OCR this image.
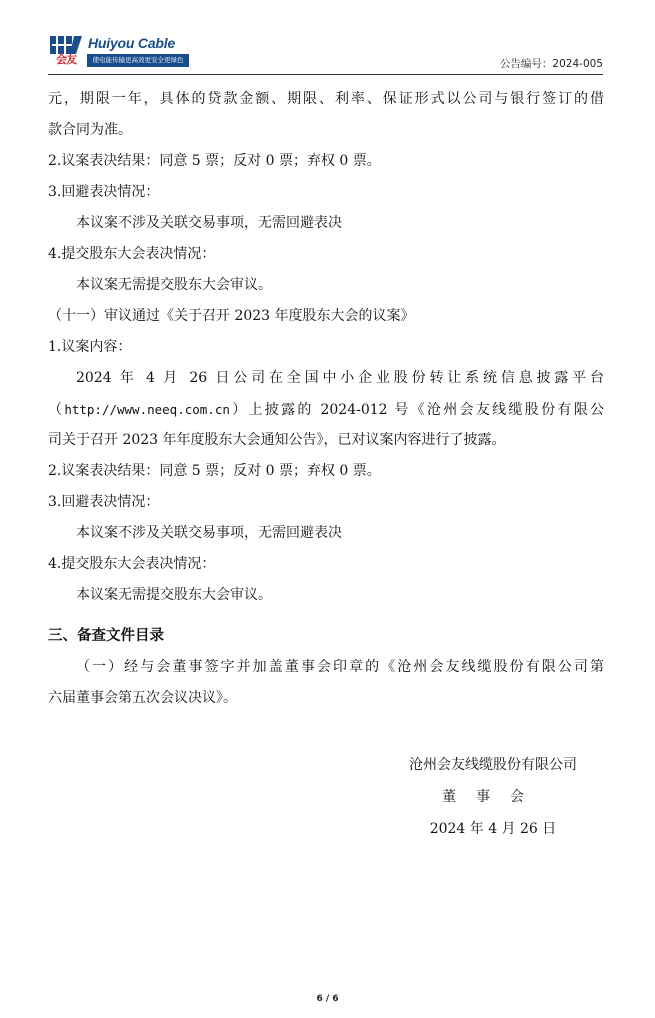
会友
Huiyou Cable
使电能传输更高效更安全更绿色	公告编号：2024-005
元，期限一年，具体的贷款金额、期限、利率、保证形式以公司与银行签订的借
款合同为准。
2.议案表决结果：同意 5 票；反对 0 票；弃权 0 票。
3.回避表决情况：
本议案不涉及关联交易事项，无需回避表决
4.提交股东大会表决情况：
本议案无需提交股东大会审议。
（十一）审议通过《关于召开 2023 年度股东大会的议案》
1.议案内容：
2024 年 4 月 26 日公司在全国中小企业股份转让系统信息披露平台
（http://www.neeq.com.cn）上披露的 2024-012 号《沧州会友线缆股份有限公
司关于召开 2023 年年度股东大会通知公告》，已对议案内容进行了披露。
2.议案表决结果：同意 5 票；反对 0 票；弃权 0 票。
3.回避表决情况：
本议案不涉及关联交易事项，无需回避表决
4.提交股东大会表决情况：
本议案无需提交股东大会审议。
三、备查文件目录
（一）经与会董事签字并加盖董事会印章的《沧州会友线缆股份有限公司第
六届董事会第五次会议决议》。
沧州会友线缆股份有限公司
董事会
2024 年 4 月 26 日
6 / 6
